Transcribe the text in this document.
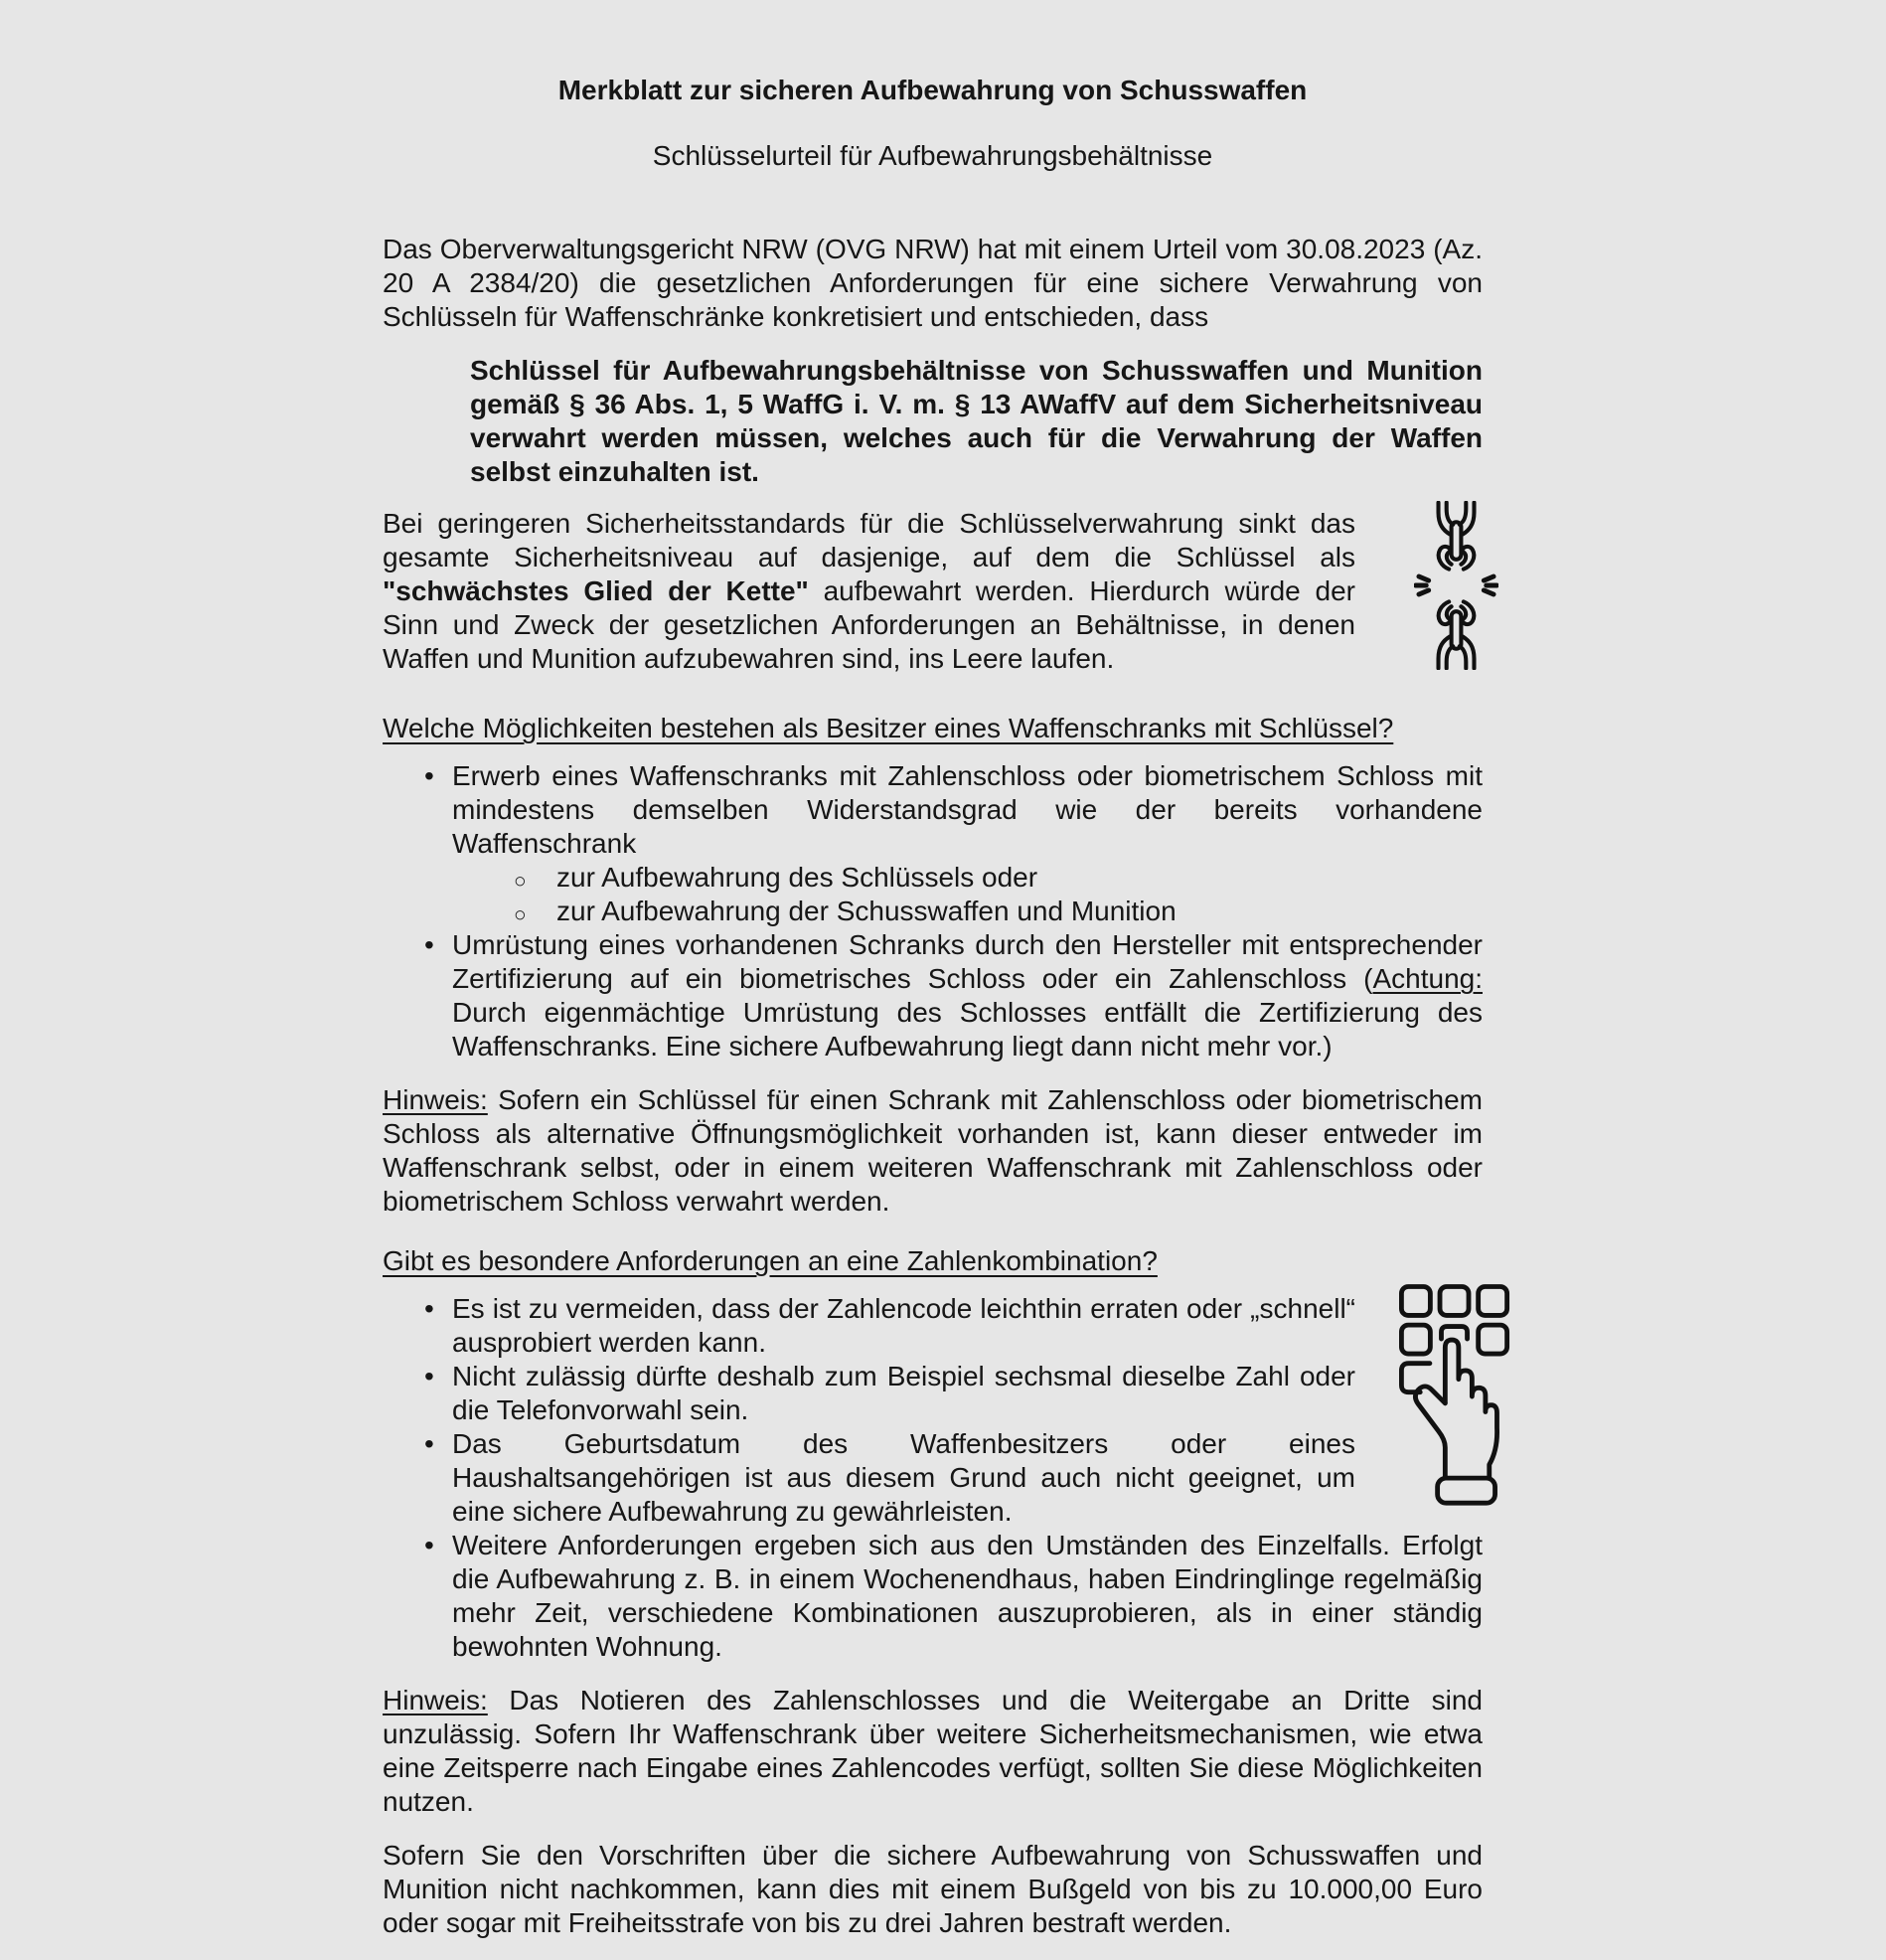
Merkblatt zur sicheren Aufbewahrung von Schusswaffen
Schlüsselurteil für Aufbewahrungsbehältnisse

Das Oberverwaltungsgericht NRW (OVG NRW) hat mit einem Urteil vom 30.08.2023 (Az. 20 A 2384/20) die gesetzlichen Anforderungen für eine sichere Verwahrung von Schlüsseln für Waffenschränke konkretisiert und entschieden, dass

Schlüssel für Aufbewahrungsbehältnisse von Schusswaffen und Munition gemäß § 36 Abs. 1, 5 WaffG i. V. m. § 13 AWaffV auf dem Sicherheitsniveau verwahrt werden müssen, welches auch für die Verwahrung der Waffen selbst einzuhalten ist.

Bei geringeren Sicherheitsstandards für die Schlüsselverwahrung sinkt das gesamte Sicherheitsniveau auf dasjenige, auf dem die Schlüssel als "schwächstes Glied der Kette" aufbewahrt werden. Hierdurch würde der Sinn und Zweck der gesetzlichen Anforderungen an Behältnisse, in denen Waffen und Munition aufzubewahren sind, ins Leere laufen.

Welche Möglichkeiten bestehen als Besitzer eines Waffenschranks mit Schlüssel?
• Erwerb eines Waffenschranks mit Zahlenschloss oder biometrischem Schloss mit mindestens demselben Widerstandsgrad wie der bereits vorhandene Waffenschrank
○ zur Aufbewahrung des Schlüssels oder
○ zur Aufbewahrung der Schusswaffen und Munition
• Umrüstung eines vorhandenen Schranks durch den Hersteller mit entsprechender Zertifizierung auf ein biometrisches Schloss oder ein Zahlenschloss (Achtung: Durch eigenmächtige Umrüstung des Schlosses entfällt die Zertifizierung des Waffenschranks. Eine sichere Aufbewahrung liegt dann nicht mehr vor.)

Hinweis: Sofern ein Schlüssel für einen Schrank mit Zahlenschloss oder biometrischem Schloss als alternative Öffnungsmöglichkeit vorhanden ist, kann dieser entweder im Waffenschrank selbst, oder in einem weiteren Waffenschrank mit Zahlenschloss oder biometrischem Schloss verwahrt werden.

Gibt es besondere Anforderungen an eine Zahlenkombination?
• Es ist zu vermeiden, dass der Zahlencode leichthin erraten oder „schnell“ ausprobiert werden kann.
• Nicht zulässig dürfte deshalb zum Beispiel sechsmal dieselbe Zahl oder die Telefonvorwahl sein.
• Das Geburtsdatum des Waffenbesitzers oder eines Haushaltsangehörigen ist aus diesem Grund auch nicht geeignet, um eine sichere Aufbewahrung zu gewährleisten.
• Weitere Anforderungen ergeben sich aus den Umständen des Einzelfalls. Erfolgt die Aufbewahrung z. B. in einem Wochenendhaus, haben Eindringlinge regelmäßig mehr Zeit, verschiedene Kombinationen auszuprobieren, als in einer ständig bewohnten Wohnung.

Hinweis: Das Notieren des Zahlenschlosses und die Weitergabe an Dritte sind unzulässig. Sofern Ihr Waffenschrank über weitere Sicherheitsmechanismen, wie etwa eine Zeitsperre nach Eingabe eines Zahlencodes verfügt, sollten Sie diese Möglichkeiten nutzen.

Sofern Sie den Vorschriften über die sichere Aufbewahrung von Schusswaffen und Munition nicht nachkommen, kann dies mit einem Bußgeld von bis zu 10.000,00 Euro oder sogar mit Freiheitsstrafe von bis zu drei Jahren bestraft werden.
